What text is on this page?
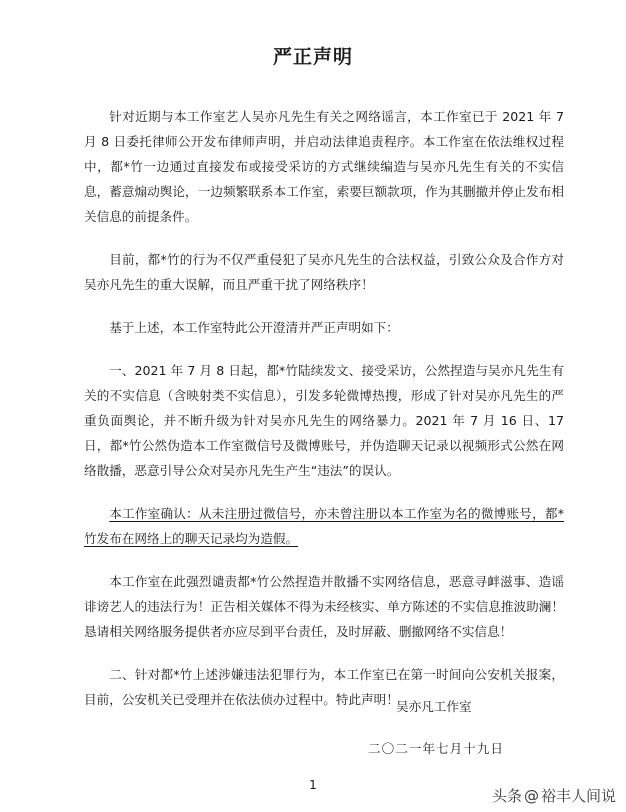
严正声明

针对近期与本工作室艺人吴亦凡先生有关之网络谣言，本工作室已于 2021 年 7 月 8 日委托律师公开发布律师声明，并启动法律追责程序。本工作室在依法维权过程中，都*竹一边通过直接发布或接受采访的方式继续编造与吴亦凡先生有关的不实信息，蓄意煽动舆论，一边频繁联系本工作室，索要巨额款项，作为其删撤并停止发布相关信息的前提条件。

目前，都*竹的行为不仅严重侵犯了吴亦凡先生的合法权益，引致公众及合作方对吴亦凡先生的重大误解，而且严重干扰了网络秩序！

基于上述，本工作室特此公开澄清并严正声明如下：

一、2021 年 7 月 8 日起，都*竹陆续发文、接受采访，公然捏造与吴亦凡先生有关的不实信息（含映射类不实信息），引发多轮微博热搜，形成了针对吴亦凡先生的严重负面舆论，并不断升级为针对吴亦凡先生的网络暴力。2021 年 7 月 16 日、17 日，都*竹公然伪造本工作室微信号及微博账号，并伪造聊天记录以视频形式公然在网络散播，恶意引导公众对吴亦凡先生产生“违法”的误认。

本工作室确认：从未注册过微信号，亦未曾注册以本工作室为名的微博账号，都*竹发布在网络上的聊天记录均为造假。

本工作室在此强烈谴责都*竹公然捏造并散播不实网络信息，恶意寻衅滋事、造谣诽谤艺人的违法行为！正告相关媒体不得为未经核实、单方陈述的不实信息推波助澜！恳请相关网络服务提供者亦应尽到平台责任，及时屏蔽、删撤网络不实信息！

二、针对都*竹上述涉嫌违法犯罪行为，本工作室已在第一时间向公安机关报案，目前，公安机关已受理并在依法侦办过程中。特此声明！

吴亦凡工作室
二〇二一年七月十九日
1
头条 @ 裕丰人间说
